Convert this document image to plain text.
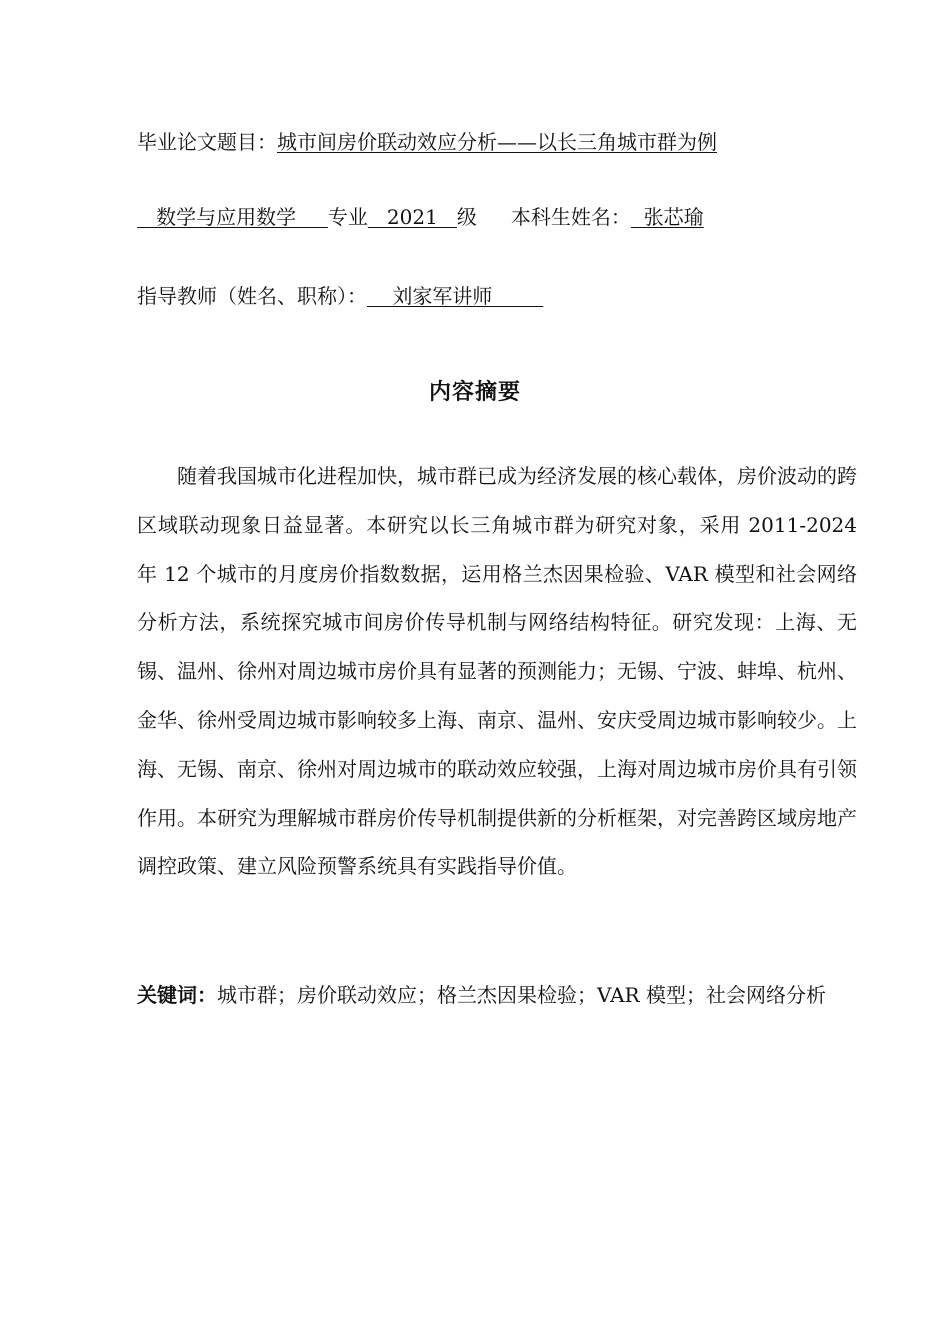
毕业论文题目：城市间房价联动效应分析——以长三角城市群为例
数学与应用数学     专业   2021   级 本科生姓名：  张芯瑜
指导教师（姓名、职称）：    刘家军讲师
内容摘要

随着我国城市化进程加快，城市群已成为经济发展的核心载体，房价波动的跨区域联动现象日益显著。本研究以长三角城市群为研究对象，采用 2011-2024 年 12 个城市的月度房价指数数据，运用格兰杰因果检验、VAR 模型和社会网络分析方法，系统探究城市间房价传导机制与网络结构特征。研究发现：上海、无锡、温州、徐州对周边城市房价具有显著的预测能力；无锡、宁波、蚌埠、杭州、金华、徐州受周边城市影响较多上海、南京、温州、安庆受周边城市影响较少。上海、无锡、南京、徐州对周边城市的联动效应较强，上海对周边城市房价具有引领作用。本研究为理解城市群房价传导机制提供新的分析框架，对完善跨区域房地产调控政策、建立风险预警系统具有实践指导价值。

关键词：城市群；房价联动效应；格兰杰因果检验；VAR 模型；社会网络分析
